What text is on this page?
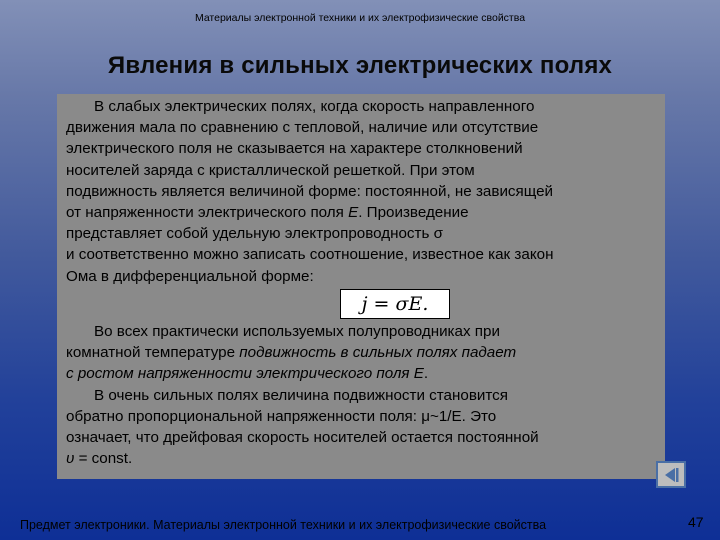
Материалы электронной техники и их электрофизические свойства
Явления в сильных электрических полях

В слабых электрических полях, когда скорость направленного
движения мала по сравнению с тепловой, наличие или отсутствие
электрического поля не сказывается на характере столкновений
носителей заряда с кристаллической решеткой. При этом
подвижность является величиной форме: постоянной, не зависящей
от напряженности электрического поля E. Произведение
представляет собой удельную электропроводность σ
и соответственно можно записать соотношение, известное как закон
Ома в дифференциальной форме:

j = σE.

Во всех практически используемых полупроводниках при
комнатной температуре подвижность в сильных полях падает
с ростом напряженности электрического поля E.
В очень сильных полях величина подвижности становится
обратно пропорциональной напряженности поля: μ~1/E. Это
означает, что дрейфовая скорость носителей остается постоянной
υ = const.

Предмет электроники. Материалы электронной техники и их электрофизические свойства	47
